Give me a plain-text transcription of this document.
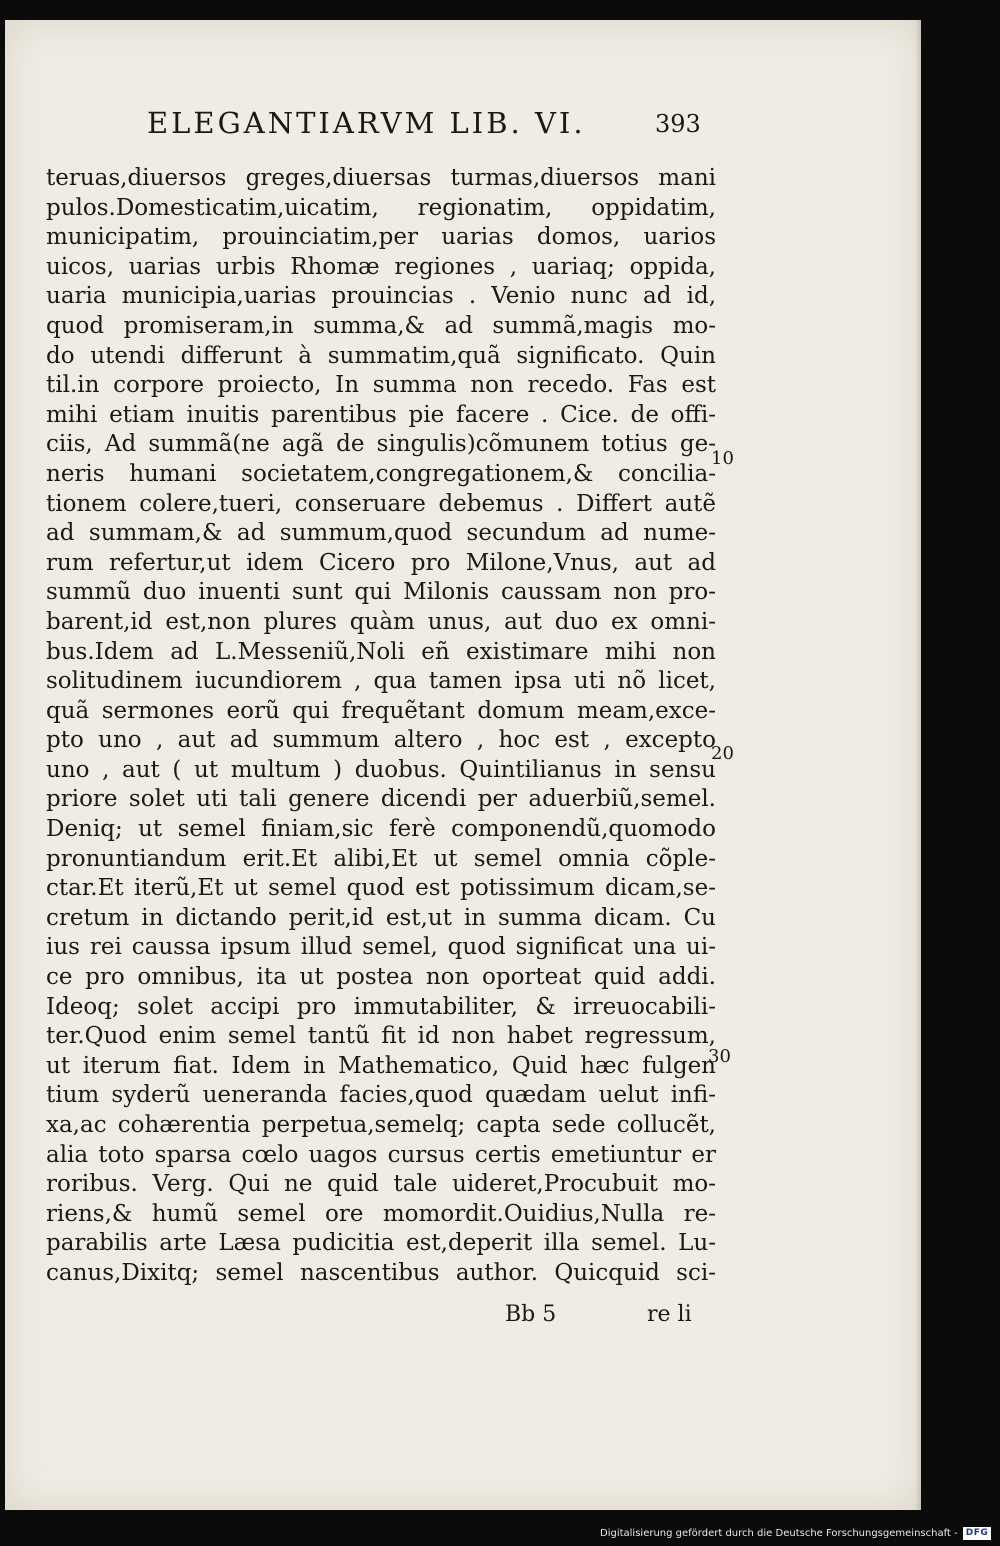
ELEGANTIARVM LIB. VI.	393
teruas,diuersos greges,diuersas turmas,diuersos mani
pulos.Domesticatim,uicatim, regionatim, oppidatim,
municipatim, prouinciatim,per uarias domos, uarios
uicos, uarias urbis Rhomæ regiones , uariaq; oppida,
uaria municipia,uarias prouincias . Venio nunc ad id,
quod promiseram,in summa,& ad summã,magis mo-
do utendi differunt à summatim,quã significato. Quin
til.in corpore proiecto, In summa non recedo. Fas est
mihi etiam inuitis parentibus pie facere . Cice. de offi-
ciis, Ad summã(ne agã de singulis)cõmunem totius ge-
neris humani societatem,congregationem,& concilia-
tionem colere,tueri, conseruare debemus . Differt autẽ
ad summam,& ad summum,quod secundum ad nume-
rum refertur,ut idem Cicero pro Milone,Vnus, aut ad
summũ duo inuenti sunt qui Milonis caussam non pro-
barent,id est,non plures quàm unus, aut duo ex omni-
bus.Idem ad L.Messeniũ,Noli eñ existimare mihi non
solitudinem iucundiorem , qua tamen ipsa uti nõ licet,
quã sermones eorũ qui frequẽtant domum meam,exce-
pto uno , aut ad summum altero , hoc est , excepto
uno , aut ( ut multum ) duobus. Quintilianus in sensu
priore solet uti tali genere dicendi per aduerbiũ,semel.
Deniq; ut semel finiam,sic ferè componendũ,quomodo
pronuntiandum erit.Et alibi,Et ut semel omnia cõple-
ctar.Et iterũ,Et ut semel quod est potissimum dicam,se-
cretum in dictando perit,id est,ut in summa dicam. Cu
ius rei caussa ipsum illud semel, quod significat una ui-
ce pro omnibus, ita ut postea non oporteat quid addi.
Ideoq; solet accipi pro immutabiliter, & irreuocabili-
ter.Quod enim semel tantũ fit id non habet regressum,
ut iterum fiat. Idem in Mathematico, Quid hæc fulgen
tium syderũ ueneranda facies,quod quædam uelut infi-
xa,ac cohærentia perpetua,semelq; capta sede collucẽt,
alia toto sparsa cœlo uagos cursus certis emetiuntur er
roribus. Verg. Qui ne quid tale uideret,Procubuit mo-
riens,& humũ semel ore momordit.Ouidius,Nulla re-
parabilis arte Læsa pudicitia est,deperit illa semel. Lu-
canus,Dixitq; semel nascentibus author. Quicquid sci-
10
20
30
Bb 5	re li
Digitalisierung gefördert durch die Deutsche Forschungsgemeinschaft - DFG
